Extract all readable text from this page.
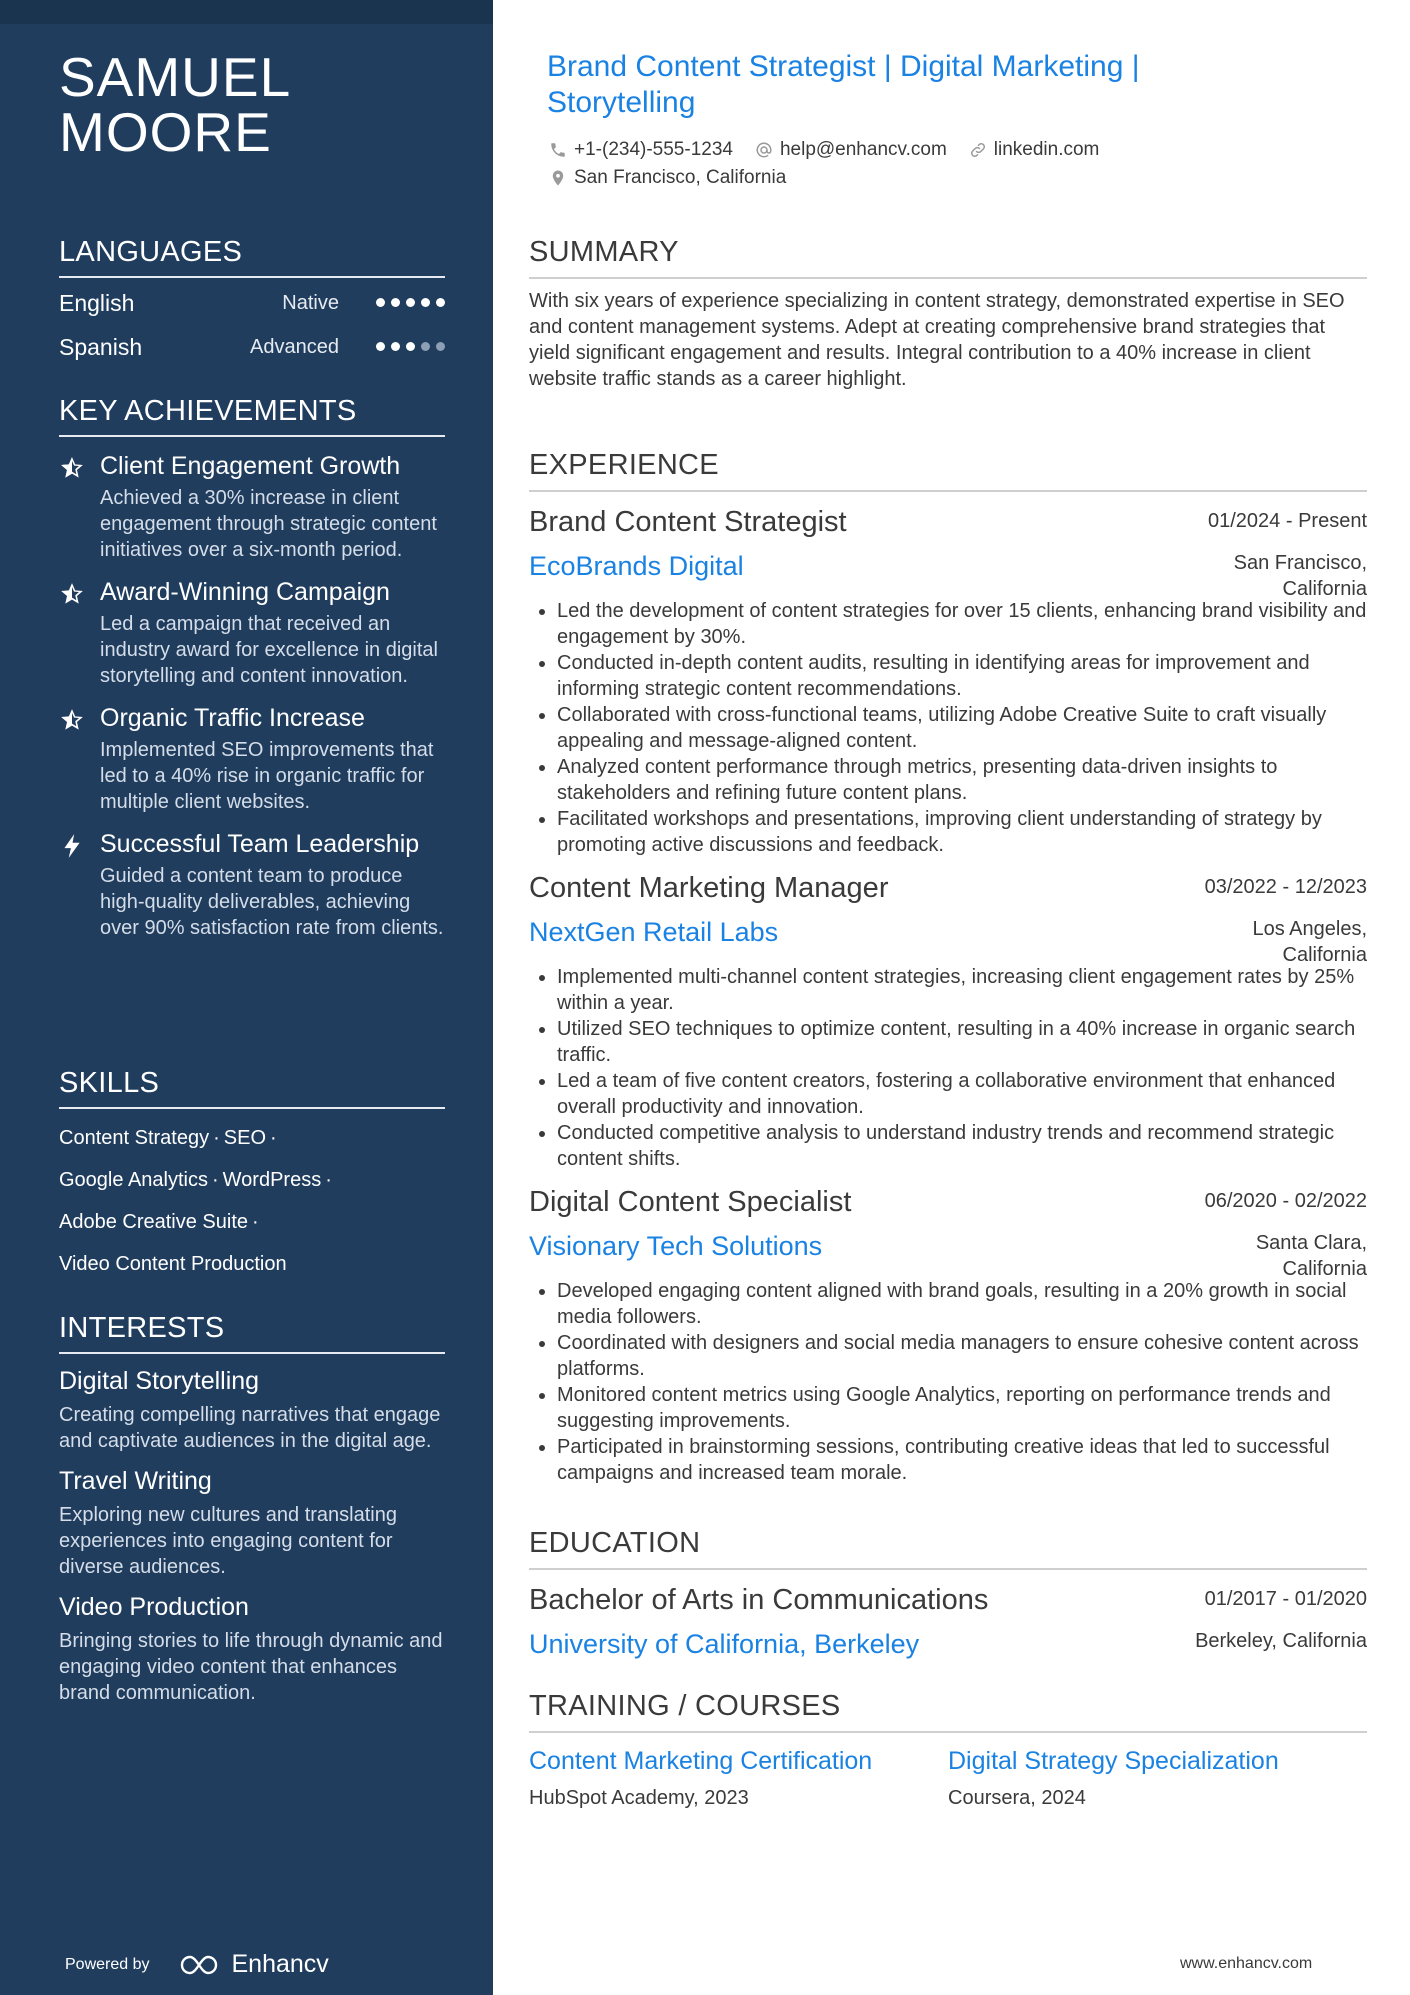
SAMUEL
MOORE
LANGUAGES
English	Native
Spanish	Advanced
KEY ACHIEVEMENTS
Client Engagement Growth
Achieved a 30% increase in client engagement through strategic content initiatives over a six-month period.
Award-Winning Campaign
Led a campaign that received an industry award for excellence in digital storytelling and content innovation.
Organic Traffic Increase
Implemented SEO improvements that led to a 40% rise in organic traffic for multiple client websites.
Successful Team Leadership
Guided a content team to produce high-quality deliverables, achieving over 90% satisfaction rate from clients.
SKILLS
Content Strategy · SEO ·
Google Analytics · WordPress ·
Adobe Creative Suite ·
Video Content Production
INTERESTS
Digital Storytelling
Creating compelling narratives that engage and captivate audiences in the digital age.
Travel Writing
Exploring new cultures and translating experiences into engaging content for diverse audiences.
Video Production
Bringing stories to life through dynamic and engaging video content that enhances brand communication.
Powered by	Enhancv
Brand Content Strategist | Digital Marketing | Storytelling
+1-(234)-555-1234 help@enhancv.com linkedin.com
San Francisco, California
SUMMARY

With six years of experience specializing in content strategy, demonstrated expertise in SEO and content management systems. Adept at creating comprehensive brand strategies that yield significant engagement and results. Integral contribution to a 40% increase in client website traffic stands as a career highlight.

EXPERIENCE
Brand Content Strategist	01/2024 - Present
EcoBrands Digital	San Francisco, California
Led the development of content strategies for over 15 clients, enhancing brand visibility and engagement by 30%.
Conducted in-depth content audits, resulting in identifying areas for improvement and informing strategic content recommendations.
Collaborated with cross-functional teams, utilizing Adobe Creative Suite to craft visually appealing and message-aligned content.
Analyzed content performance through metrics, presenting data-driven insights to stakeholders and refining future content plans.
Facilitated workshops and presentations, improving client understanding of strategy by promoting active discussions and feedback.
Content Marketing Manager	03/2022 - 12/2023
NextGen Retail Labs	Los Angeles, California
Implemented multi-channel content strategies, increasing client engagement rates by 25% within a year.
Utilized SEO techniques to optimize content, resulting in a 40% increase in organic search traffic.
Led a team of five content creators, fostering a collaborative environment that enhanced overall productivity and innovation.
Conducted competitive analysis to understand industry trends and recommend strategic content shifts.
Digital Content Specialist	06/2020 - 02/2022
Visionary Tech Solutions	Santa Clara, California
Developed engaging content aligned with brand goals, resulting in a 20% growth in social media followers.
Coordinated with designers and social media managers to ensure cohesive content across platforms.
Monitored content metrics using Google Analytics, reporting on performance trends and suggesting improvements.
Participated in brainstorming sessions, contributing creative ideas that led to successful campaigns and increased team morale.
EDUCATION
Bachelor of Arts in Communications	01/2017 - 01/2020
University of California, Berkeley	Berkeley, California
TRAINING / COURSES
Content Marketing Certification
HubSpot Academy, 2023
Digital Strategy Specialization
Coursera, 2024
www.enhancv.com
